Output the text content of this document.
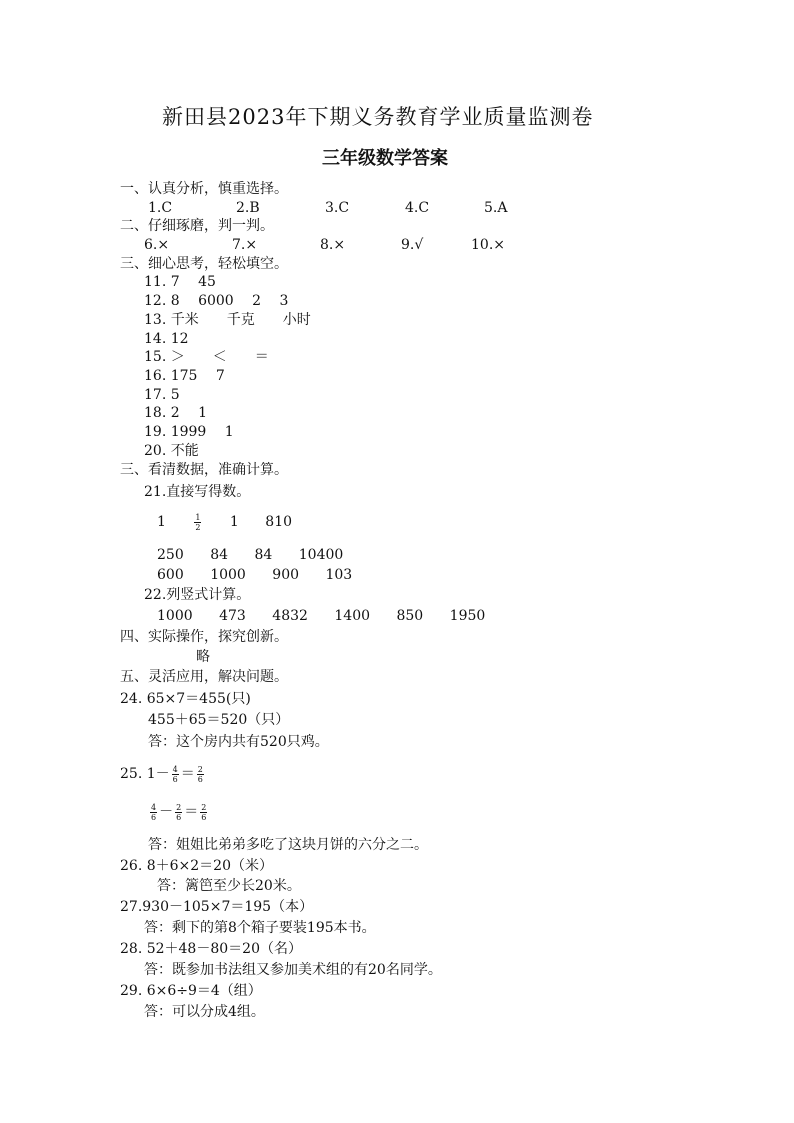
新田县2023年下期义务教育学业质量监测卷
三年级数学答案
一、认真分析，慎重选择。
1.C	2.B	3.C	4.C	5.A
二、仔细琢磨，判一判。
6.×	7.×	8.×	9.√	10.×
三、细心思考，轻松填空。
11. 7　 45
12. 8　 6000　 2　 3
13. 千米　　千克　　小时
14. 12
15. ＞　　＜　　＝
16. 175　 7
17. 5
18. 2　 1
19. 1999　 1
20. 不能
三、看清数据，准确计算。
21.直接写得数。
1	$\frac{1}{2} 1$ 810
250 84 84 10400
600 1000 900 103
22.列竖式计算。
1000 473 4832 1400 850 1950
四、实际操作，探究创新。
略
五、灵活应用，解决问题。
24. 65×7＝455(只)
455＋65＝520（只）
答：这个房内共有520只鸡。
25. $1- \frac{4}{6} = \frac{2}{6}$
$\frac{4}{6} - \frac{2}{6} = \frac{2}{6}$
答：姐姐比弟弟多吃了这块月饼的六分之二。
26. 8＋6×2＝20（米）
答：篱笆至少长20米。
27.930－105×7＝195（本）
答：剩下的第8个箱子要装195本书。
28. 52＋48－80＝20（名）
答：既参加书法组又参加美术组的有20名同学。
29. 6×6÷9＝4（组）
答：可以分成4组。
